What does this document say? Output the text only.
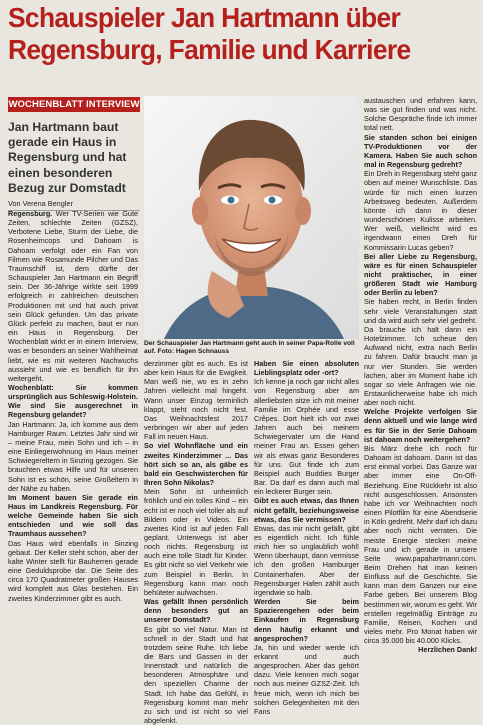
Schauspieler Jan Hartmann über Regensburg, Familie und Karriere
WOCHENBLATT INTERVIEW

Jan Hartmann baut gerade ein Haus in Regensburg und hat einen besonderen Bezug zur Domstadt

Von Verena Bengler

Der Schauspieler Jan Hartmann geht auch in seiner Papa-Rolle voll auf. Foto: Hagen Schnauss

Regensburg. Wer TV-Serien wie Gute Zeiten, schlechte Zeiten (GZSZ), Verbotene Liebe, Sturm der Liebe, die Rosenheimcops und Dahoam is Dahoam verfolgt oder ein Fan von Filmen wie Rosamunde Pilcher und Das Traumschiff ist, dem dürfte der Schauspieler Jan Hartmann ein Begriff sein. Der 36-Jährige wirkte seit 1999 erfolgreich in zahlreichen deutschen Produktionen mit und hat auch privat sein Glück gefunden. Um das private Glück perfekt zu machen, baut er nun ein Haus in Regensburg. Der Wochenblatt wirkt er in einem Interview, was er besonders an seiner Wahlheimat liebt, wie es mit weiteren Nachwuchs aussieht und wie es beruflich für ihn weitergeht.

Wochenblatt: Sie kommen ursprünglich aus Schleswig-Holstein. Wie sind Sie ausgerechnet in Regensburg gelandet?

Jan Hartmann: Ja, ich komme aus dem Hamburger Raum. Letztes Jahr sind wir – meine Frau, mein Sohn und ich – in eine Einliegerwohnung im Haus meiner Schwiegereltern in Sinzing gezogen. Sie brauchten etwas Hilfe und für unseren Sohn ist es schön, seine Großeltern in der Nähe zu haben.

Im Moment bauen Sie gerade ein Haus im Landkreis Regensburg. Für welche Gemeinde haben Sie sich entschieden und wie soll das Traumhaus aussehen?

Das Haus wird ebenfalls in Sinzing gebaut. Der Keller steht schon, aber der kalte Winter stellt für Bauherren gerade eine Geduldsprobe dar. Die Seite des circa 170 Quadratmeter großen Hauses wird komplett aus Glas bestehen. Ein zweites Kinderzimmer gibt es auch.

derzimmer gibt es auch. Es ist aber kein Haus für die Ewigkeit. Man weiß nie, wo es in zehn Jahren vielleicht mal hingeht. Wann unser Einzug terminlich klappt, steht noch nicht fest. Das Weihnachtsfest 2017 verbringen wir aber auf jeden Fall im neuen Haus.

So viel Wohnfläche und ein zweites Kinderzimmer ... Das hört sich so an, als gäbe es bald ein Geschwisterchen für Ihren Sohn Nikolas?

Mein Sohn ist unheimlich fröhlich und ein tolles Kind – ein echt ist er noch viel toller als auf Bildern oder in Videos. Ein zweites Kind ist auf jeden Fall geplant. Unterwegs ist aber noch nichts. Regensburg ist auch eine tolle Stadt für Kinder. Es gibt nicht so viel Verkehr wie zum Beispiel in Berlin. In Regensburg kann man noch behüteter aufwachsen.

Was gefällt Ihnen persönlich denn besonders gut an unserer Domstadt?

Es gibt so viel Natur. Man ist schnell in der Stadt und hat trotzdem seine Ruhe. Ich liebe die Bars und Gassen in der Innenstadt und natürlich die besonderen Atmosphäre und den speziellen Charme der Stadt. Ich habe das Gefühl, in Regensburg kommt man mehr zu sich und ist nicht so viel abgelenkt.

Haben Sie einen absoluten Lieblingsplatz oder -ort?

Ich kenne ja noch gar nicht alles von Regensburg aber am allerliebsten sitze ich mit meiner Familie im Orphée und esse Crêpes. Dort hielt ich vor zwei Jahren auch bei meinem Schwiegervater um die Hand meiner Frau an. Essen gehen wir als etwas ganz Besonderes für uns. Gut finde ich zum Beispiel auch Buddies Burger Bar. Da darf es dann auch mal ein leckerer Burger sein.

Gibt es auch etwas, das Ihnen nicht gefällt, beziehungsweise etwas, das Sie vermissen?

Etwas, das mir nicht gefällt, gibt es eigentlich nicht. Ich fühle mich hier so unglaublich wohl! Wenn überhaupt, dann vermisse ich den großen Hamburger Containerhafen. Aber der Regensburger Hafen zählt auch irgendwie so halb.

Werden Sie beim Spazierengehen oder beim Einkaufen in Regensburg denn häufig erkannt und angesprochen?

Ja, hin und wieder werde ich erkannt und auch angesprochen. Aber das gehört dazu. Viele kennen mich sogar noch aus meiner GZSZ-Zeit. Ich freue mich, wenn ich mich bei solchen Gelegenheiten mit den Fans

austauschen und erfahren kann, was sie gut finden und was nicht. Solche Gespräche finde ich immer total nett.

Sie standen schon bei einigen TV-Produktionen vor der Kamera. Haben Sie auch schon mal in Regensburg gedreht?

Ein Dreh in Regensburg steht ganz oben auf meiner Wunschliste. Das würde für mich einen kurzen Arbeitsweg bedeuten. Außerdem könnte ich dann in dieser wunderschönen Kulisse arbeiten. Wer weiß, vielleicht wird es irgendwann einen Dreh für Kommissarin Lucas geben?

Bei aller Liebe zu Regensburg, wäre es für einen Schauspieler nicht praktischer, in einer größeren Stadt wie Hamburg oder Berlin zu leben?

Sie haben recht, in Berlin finden sehr viele Veranstaltungen statt und da wird auch sehr viel gedreht. Da brauche ich halt dann ein Hotelzimmer. Ich scheue den Aufwand nicht, extra nach Berlin zu fahren. Dafür braucht man ja nur vier Stunden. Sie werden lachen, aber im Moment habe ich sogar so viele Anfragen wie nie. Erstaunlicherweise habe ich mich aber noch nicht.

Welche Projekte verfolgen Sie denn aktuell und wie lange wird es für Sie in der Serie Dahoam ist dahoam noch weitergehen?

Bis März drehe ich noch für Dahoam ist dahoam. Dann ist das erst einmal vorbei. Das Ganze war aber immer eine On-Off-Beziehung. Eine Rückkehr ist also nicht ausgeschlossen. Ansonsten habe ich vor Weihnachten noch einen Pilotfilm für eine Abendserie in Köln gedreht. Mehr darf ich dazu aber noch nicht verraten. Die meiste Energie stecken meine Frau und ich gerade in unsere Seite www.papahartmann.com. Beim Drehen hat man keinen Einfluss auf die Geschichte. Sie kann man dem Ganzen nur eine Farbe geben. Bei unserem Blog bestimmen wir, worum es geht. Wir erstellen regelmäßig Einträge zu Familie, Reisen, Kochen und vieles mehr. Pro Monat haben wir circa 35.000 bis 40.000 Klicks.

Herzlichen Dank!
